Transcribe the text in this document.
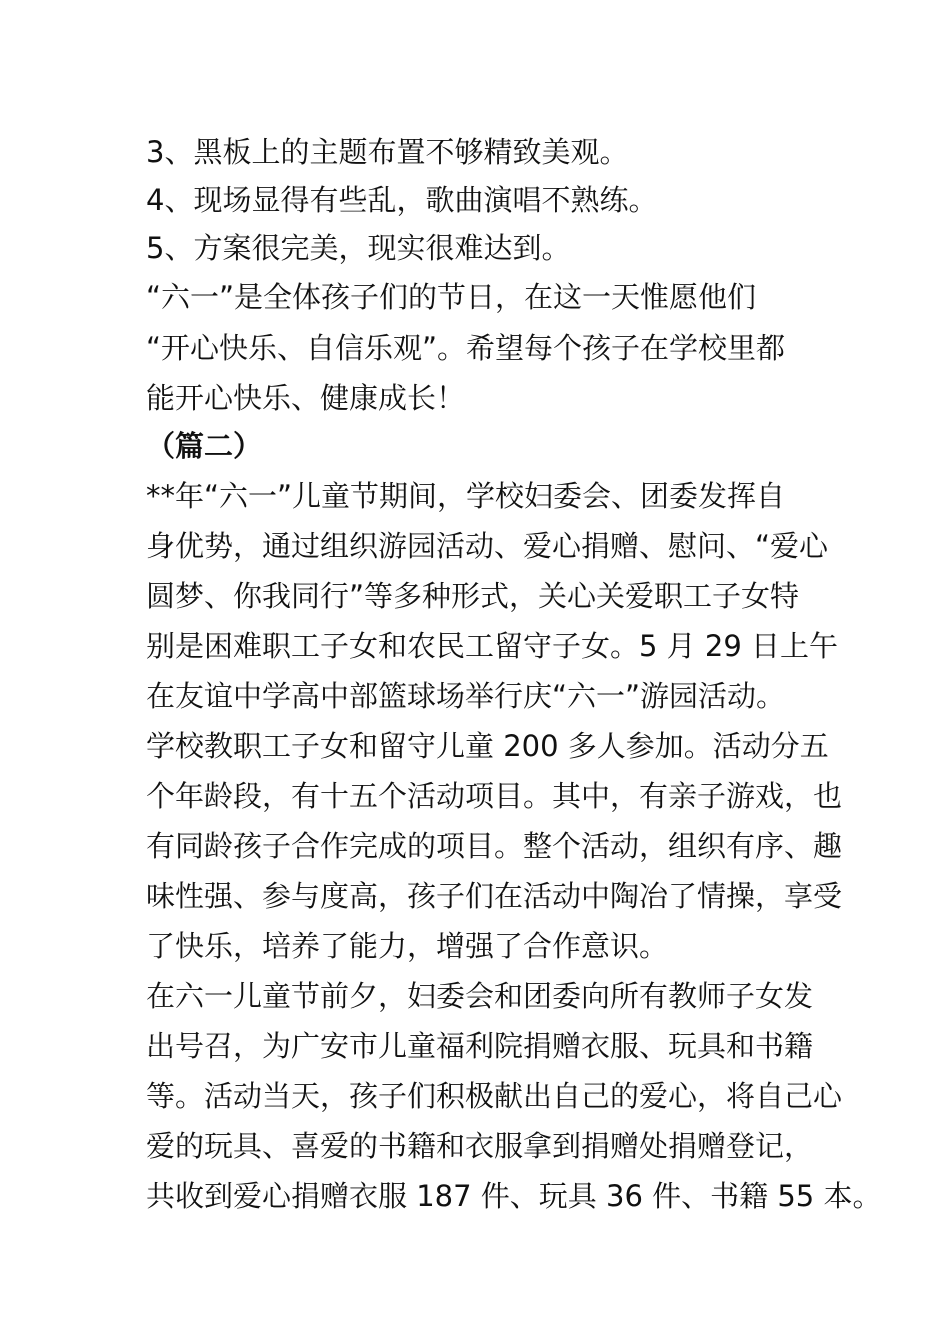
3、黑板上的主题布置不够精致美观。
4、现场显得有些乱，歌曲演唱不熟练。
5、方案很完美，现实很难达到。
“六一”是全体孩子们的节日，在这一天惟愿他们
“开心快乐、自信乐观”。希望每个孩子在学校里都
能开心快乐、健康成长！
（篇二）
**年“六一”儿童节期间，学校妇委会、团委发挥自
身优势，通过组织游园活动、爱心捐赠、慰问、“爱心
圆梦、你我同行”等多种形式，关心关爱职工子女特
别是困难职工子女和农民工留守子女。5 月 29 日上午
在友谊中学高中部篮球场举行庆“六一”游园活动。
学校教职工子女和留守儿童 200 多人参加。活动分五
个年龄段，有十五个活动项目。其中，有亲子游戏，也
有同龄孩子合作完成的项目。整个活动，组织有序、趣
味性强、参与度高，孩子们在活动中陶冶了情操，享受
了快乐，培养了能力，增强了合作意识。
在六一儿童节前夕，妇委会和团委向所有教师子女发
出号召，为广安市儿童福利院捐赠衣服、玩具和书籍
等。活动当天，孩子们积极献出自己的爱心，将自己心
爱的玩具、喜爱的书籍和衣服拿到捐赠处捐赠登记，
共收到爱心捐赠衣服 187 件、玩具 36 件、书籍 55 本。
